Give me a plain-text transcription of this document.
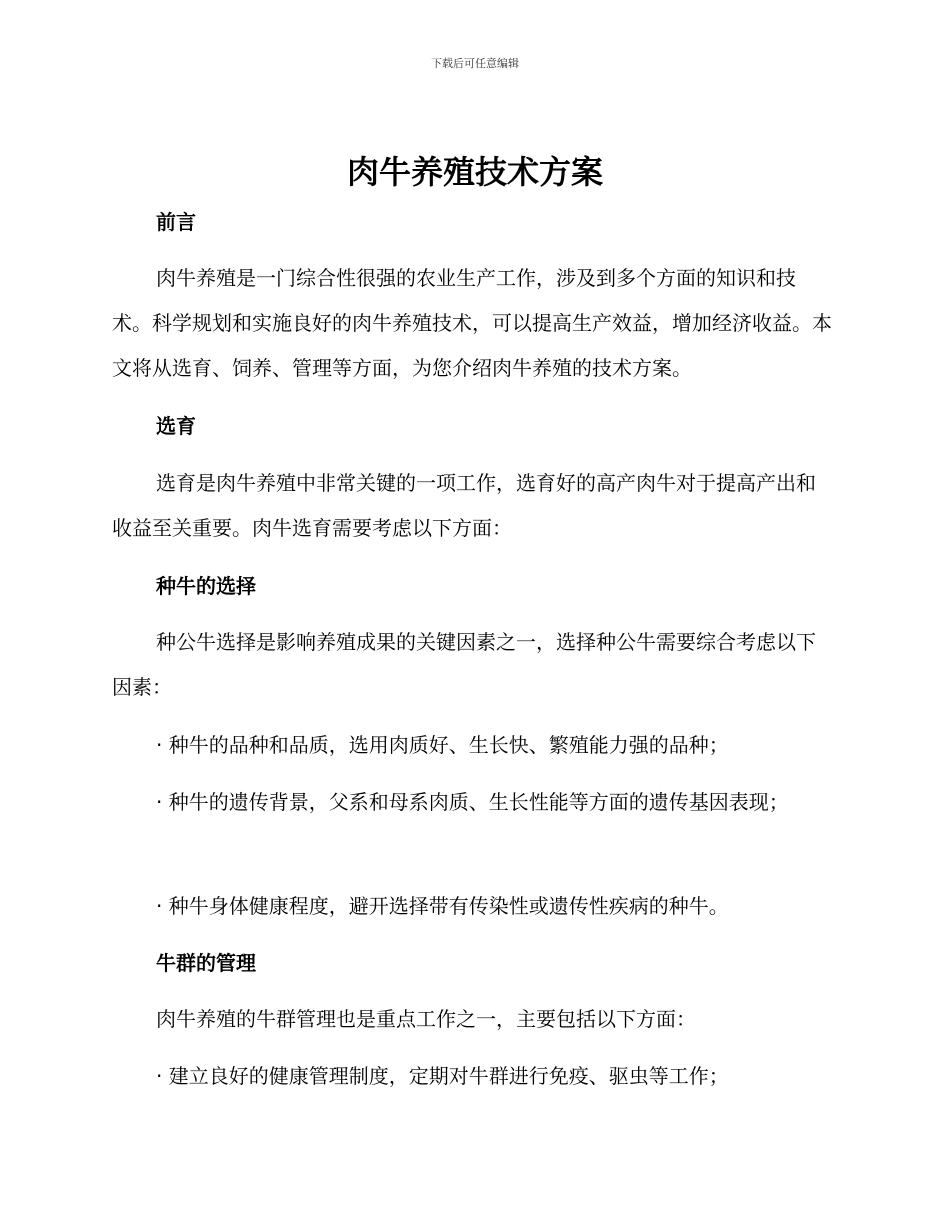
下载后可任意编辑
肉牛养殖技术方案
前言

肉牛养殖是一门综合性很强的农业生产工作，涉及到多个方面的知识和技术。科学规划和实施良好的肉牛养殖技术，可以提高生产效益，增加经济收益。本文将从选育、饲养、管理等方面，为您介绍肉牛养殖的技术方案。

选育

选育是肉牛养殖中非常关键的一项工作，选育好的高产肉牛对于提高产出和收益至关重要。肉牛选育需要考虑以下方面：

种牛的选择

种公牛选择是影响养殖成果的关键因素之一，选择种公牛需要综合考虑以下因素：

· 种牛的品种和品质，选用肉质好、生长快、繁殖能力强的品种；

· 种牛的遗传背景，父系和母系肉质、生长性能等方面的遗传基因表现；

· 种牛身体健康程度，避开选择带有传染性或遗传性疾病的种牛。

牛群的管理

肉牛养殖的牛群管理也是重点工作之一，主要包括以下方面：

· 建立良好的健康管理制度，定期对牛群进行免疫、驱虫等工作；
